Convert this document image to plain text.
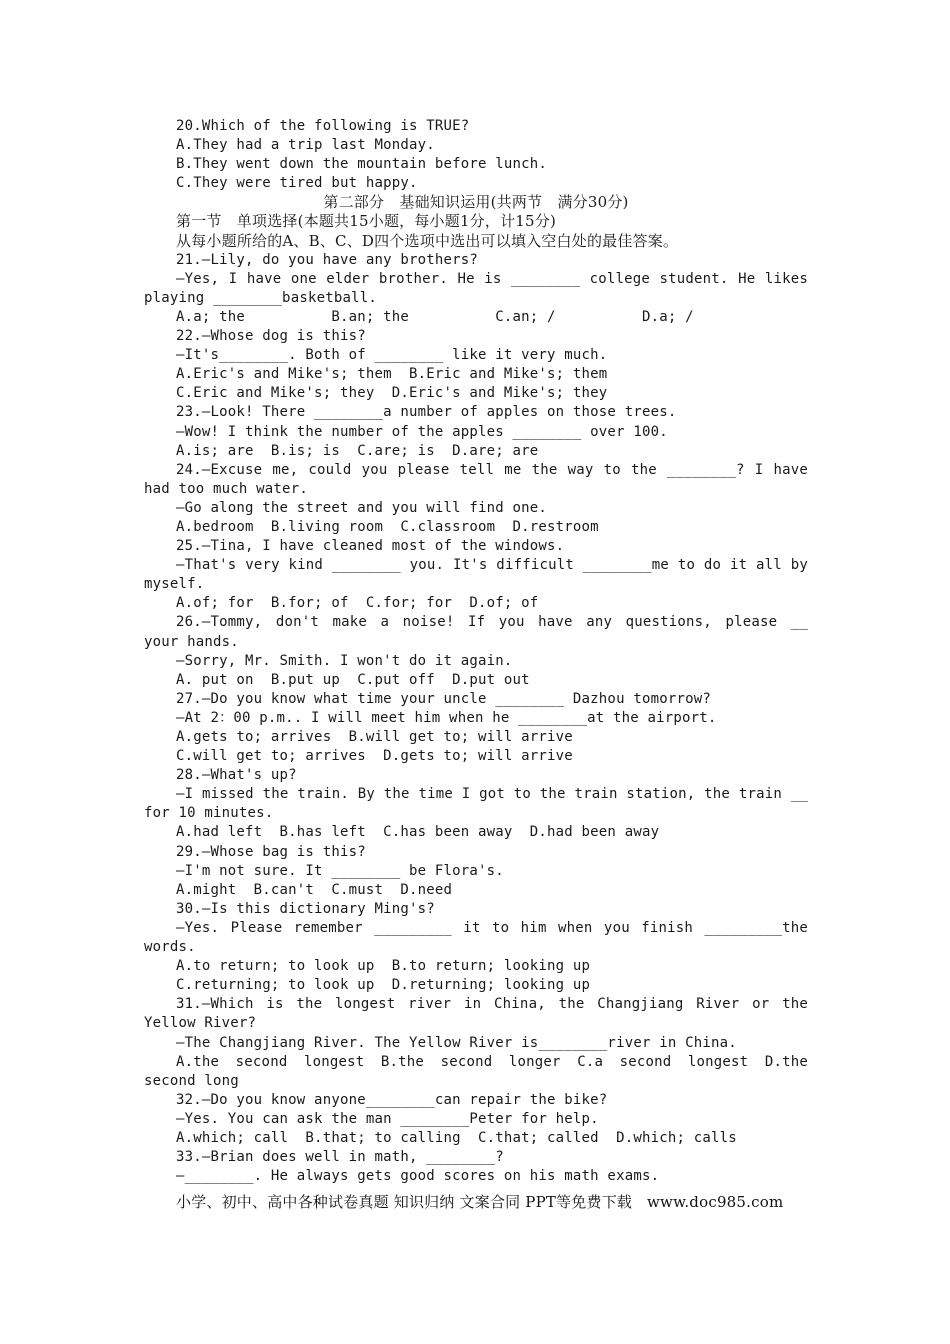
20.Which of the following is TRUE?
A.They had a trip last Monday.
B.They went down the mountain before lunch.
C.They were tired but happy.
第二部分　基础知识运用(共两节　满分30分)
第一节　单项选择(本题共15小题，每小题1分，计15分)
从每小题所给的A、B、C、D四个选项中选出可以填入空白处的最佳答案。
21.—Lily, do you have any brothers?
—Yes, I have one elder brother. He is ________ college student. He likes
playing ________basketball.
A.a; the          B.an; the          C.an; /          D.a; /
22.—Whose dog is this?
—It's________. Both of ________ like it very much.
A.Eric's and Mike's; them  B.Eric and Mike's; them
C.Eric and Mike's; they  D.Eric's and Mike's; they
23.—Look! There ________a number of apples on those trees.
—Wow! I think the number of the apples ________ over 100.
A.is; are  B.is; is  C.are; is  D.are; are
24.—Excuse me, could you please tell me the way to the ________? I have
had too much water.
—Go along the street and you will find one.
A.bedroom  B.living room  C.classroom  D.restroom
25.—Tina, I have cleaned most of the windows.
—That's very kind ________ you. It's difficult ________me to do it all by
myself.
A.of; for  B.for; of  C.for; for  D.of; of
26.—Tommy, don't make a noise! If you have any questions, please __
your hands.
—Sorry, Mr. Smith. I won't do it again.
A. put on  B.put up  C.put off  D.put out
27.—Do you know what time your uncle ________ Dazhou tomorrow?
—At 2：00 p.m.. I will meet him when he ________at the airport.
A.gets to; arrives  B.will get to; will arrive
C.will get to; arrives  D.gets to; will arrive
28.—What's up?
—I missed the train. By the time I got to the train station, the train __
for 10 minutes.
A.had left  B.has left  C.has been away  D.had been away
29.—Whose bag is this?
—I'm not sure. It ________ be Flora's.
A.might  B.can't  C.must  D.need
30.—Is this dictionary Ming's?
—Yes. Please remember _________ it to him when you finish _________the
words.
A.to return; to look up  B.to return; looking up
C.returning; to look up  D.returning; looking up
31.—Which is the longest river in China, the Changjiang River or the
Yellow River?
—The Changjiang River. The Yellow River is________river in China.
A.the second longest B.the second longer C.a second longest D.the
second long
32.—Do you know anyone________can repair the bike?
—Yes. You can ask the man ________Peter for help.
A.which; call  B.that; to calling  C.that; called  D.which; calls
33.—Brian does well in math, ________?
—________. He always gets good scores on his math exams.
小学、初中、高中各种试卷真题 知识归纳 文案合同 PPT等免费下载   www.doc985.com
